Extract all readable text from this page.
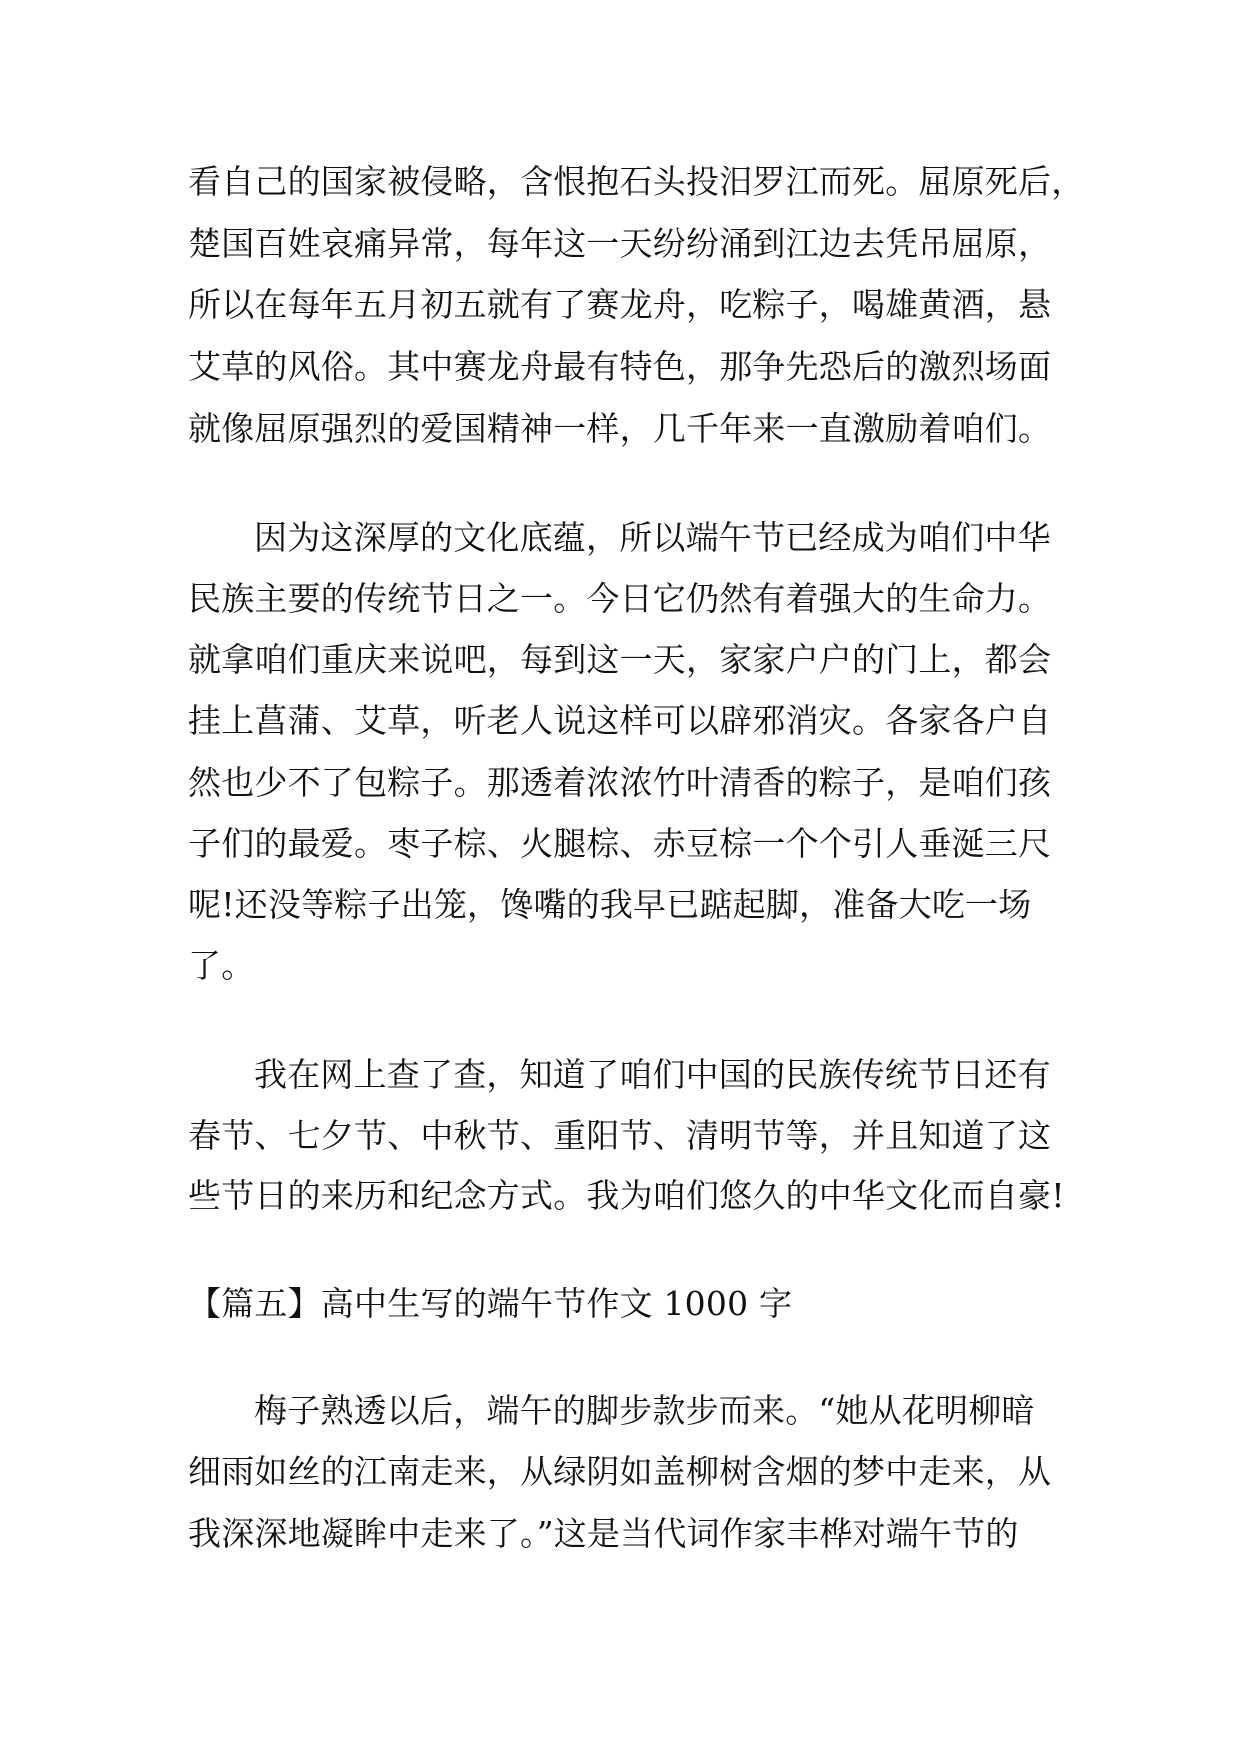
看自己的国家被侵略，含恨抱石头投汨罗江而死。屈原死后，
楚国百姓哀痛异常，每年这一天纷纷涌到江边去凭吊屈原，
所以在每年五月初五就有了赛龙舟，吃粽子，喝雄黄酒，悬
艾草的风俗。其中赛龙舟最有特色，那争先恐后的激烈场面
就像屈原强烈的爱国精神一样，几千年来一直激励着咱们。
因为这深厚的文化底蕴，所以端午节已经成为咱们中华
民族主要的传统节日之一。今日它仍然有着强大的生命力。
就拿咱们重庆来说吧，每到这一天，家家户户的门上，都会
挂上菖蒲、艾草，听老人说这样可以辟邪消灾。各家各户自
然也少不了包粽子。那透着浓浓竹叶清香的粽子，是咱们孩
子们的最爱。枣子棕、火腿棕、赤豆棕一个个引人垂涎三尺
呢!还没等粽子出笼，馋嘴的我早已踮起脚，准备大吃一场
了。
我在网上查了查，知道了咱们中国的民族传统节日还有
春节、七夕节、中秋节、重阳节、清明节等，并且知道了这
些节日的来历和纪念方式。我为咱们悠久的中华文化而自豪!
【篇五】高中生写的端午节作文 1000 字
梅子熟透以后，端午的脚步款步而来。“她从花明柳暗
细雨如丝的江南走来，从绿阴如盖柳树含烟的梦中走来，从
我深深地凝眸中走来了。”这是当代词作家丰桦对端午节的
